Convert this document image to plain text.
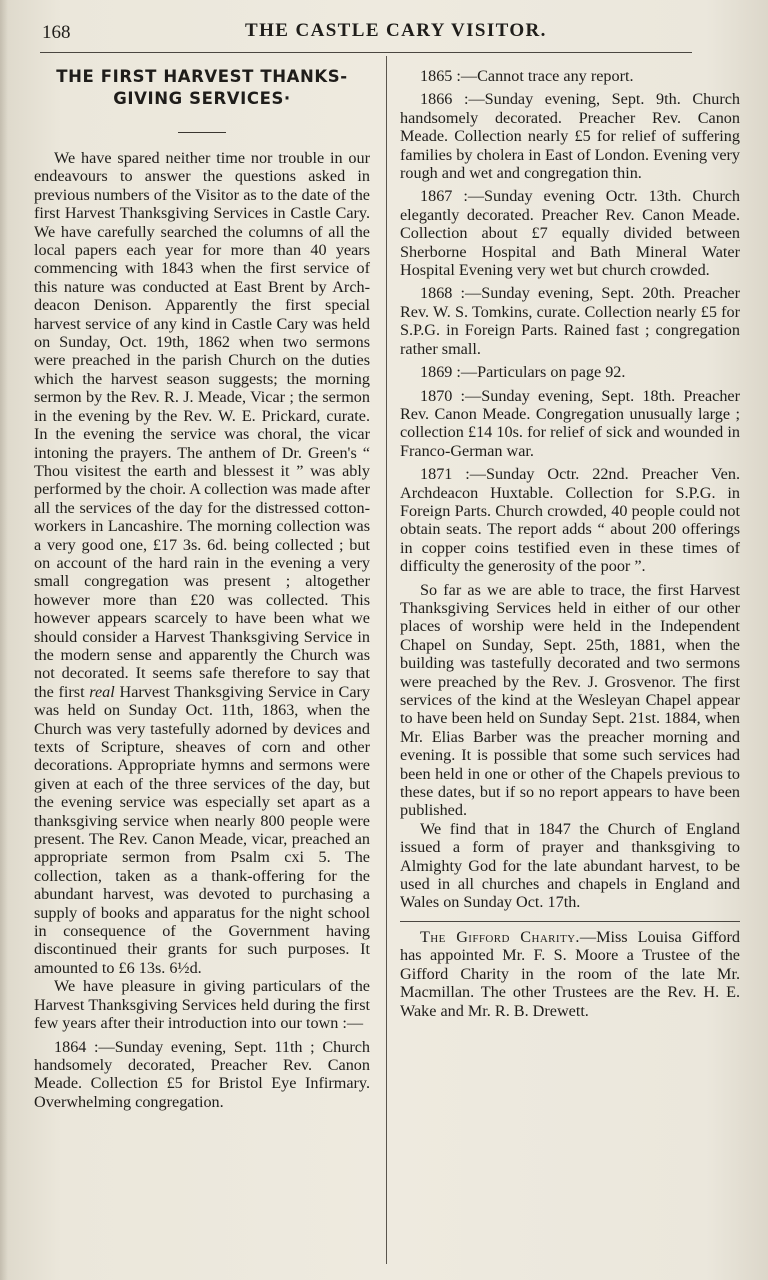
168	THE CASTLE CARY VISITOR.
THE FIRST HARVEST THANKS-
GIVING SERVICES·

We have spared neither time nor trouble in our endeavours to answer the questions asked in previous numbers of the Visitor as to the date of the first Harvest Thanksgiving Services in Castle Cary. We have carefully searched the columns of all the local papers each year for more than 40 years commencing with 1843 when the first service of this nature was conducted at East Brent by Archdeacon Denison. Apparently the first special harvest service of any kind in Castle Cary was held on Sunday, Oct. 19th, 1862 when two sermons were preached in the parish Church on the duties which the harvest season suggests; the morning sermon by the Rev. R. J. Meade, Vicar ; the sermon in the evening by the Rev. W. E. Prickard, curate. In the evening the service was choral, the vicar intoning the prayers. The anthem of Dr. Green's “ Thou visitest the earth and blessest it ” was ably performed by the choir. A collection was made after all the services of the day for the distressed cotton-workers in Lancashire. The morning collection was a very good one, £17 3s. 6d. being collected ; but on account of the hard rain in the evening a very small congregation was present ; altogether however more than £20 was collected. This however appears scarcely to have been what we should consider a Harvest Thanksgiving Service in the modern sense and apparently the Church was not decorated. It seems safe therefore to say that the first real Harvest Thanksgiving Service in Cary was held on Sunday Oct. 11th, 1863, when the Church was very tastefully adorned by devices and texts of Scripture, sheaves of corn and other decorations. Appropriate hymns and sermons were given at each of the three services of the day, but the evening service was especially set apart as a thanksgiving service when nearly 800 people were present. The Rev. Canon Meade, vicar, preached an appropriate sermon from Psalm cxi 5. The collection, taken as a thank-offering for the abundant harvest, was devoted to purchasing a supply of books and apparatus for the night school in consequence of the Government having discontinued their grants for such purposes. It amounted to £6 13s. 6½d.

We have pleasure in giving particulars of the Harvest Thanksgiving Services held during the first few years after their introduction into our town :—

1864 :—Sunday evening, Sept. 11th ; Church handsomely decorated, Preacher Rev. Canon Meade. Collection £5 for Bristol Eye Infirmary. Overwhelming congregation.

1865 :—Cannot trace any report.

1866 :—Sunday evening, Sept. 9th. Church handsomely decorated. Preacher Rev. Canon Meade. Collection nearly £5 for relief of suffering families by cholera in East of London. Evening very rough and wet and congregation thin.

1867 :—Sunday evening Octr. 13th. Church elegantly decorated. Preacher Rev. Canon Meade. Collection about £7 equally divided between Sherborne Hospital and Bath Mineral Water Hospital Evening very wet but church crowded.

1868 :—Sunday evening, Sept. 20th. Preacher Rev. W. S. Tomkins, curate. Collection nearly £5 for S.P.G. in Foreign Parts. Rained fast ; congregation rather small.

1869 :—Particulars on page 92.

1870 :—Sunday evening, Sept. 18th. Preacher Rev. Canon Meade. Congregation unusually large ; collection £14 10s. for relief of sick and wounded in Franco-German war.

1871 :—Sunday Octr. 22nd. Preacher Ven. Archdeacon Huxtable. Collection for S.P.G. in Foreign Parts. Church crowded, 40 people could not obtain seats. The report adds “ about 200 offerings in copper coins testified even in these times of difficulty the generosity of the poor ”.

So far as we are able to trace, the first Harvest Thanksgiving Services held in either of our other places of worship were held in the Independent Chapel on Sunday, Sept. 25th, 1881, when the building was tastefully decorated and two sermons were preached by the Rev. J. Grosvenor. The first services of the kind at the Wesleyan Chapel appear to have been held on Sunday Sept. 21st. 1884, when Mr. Elias Barber was the preacher morning and evening. It is possible that some such services had been held in one or other of the Chapels previous to these dates, but if so no report appears to have been published.

We find that in 1847 the Church of England issued a form of prayer and thanksgiving to Almighty God for the late abundant harvest, to be used in all churches and chapels in England and Wales on Sunday Oct. 17th.

The Gifford Charity.—Miss Louisa Gifford has appointed Mr. F. S. Moore a Trustee of the Gifford Charity in the room of the late Mr. Macmillan. The other Trustees are the Rev. H. E. Wake and Mr. R. B. Drewett.
